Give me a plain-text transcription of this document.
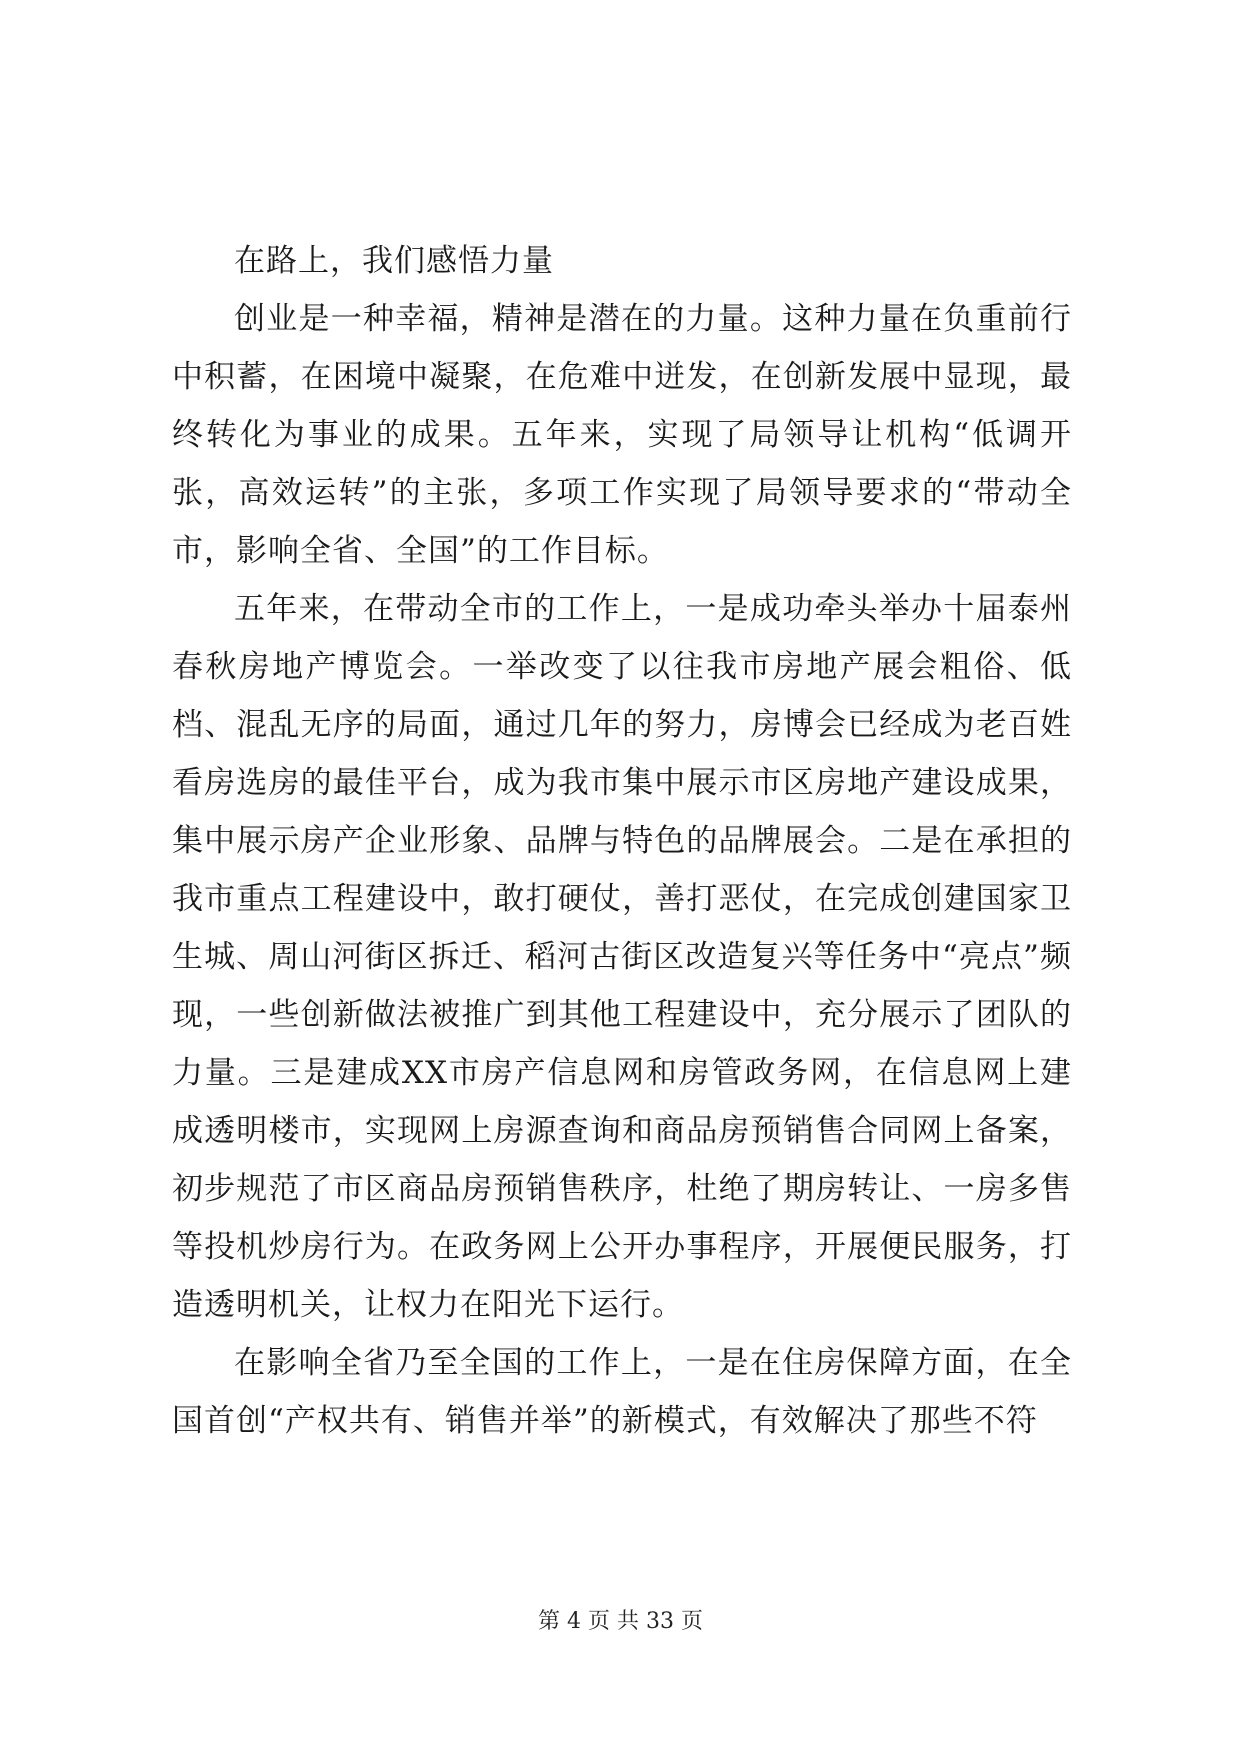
在路上，我们感悟力量

创业是一种幸福，精神是潜在的力量。这种力量在负重前行中积蓄，在困境中凝聚，在危难中迸发，在创新发展中显现，最终转化为事业的成果。五年来，实现了局领导让机构“低调开张，高效运转”的主张，多项工作实现了局领导要求的“带动全市，影响全省、全国”的工作目标。

五年来，在带动全市的工作上，一是成功牵头举办十届泰州春秋房地产博览会。一举改变了以往我市房地产展会粗俗、低档、混乱无序的局面，通过几年的努力，房博会已经成为老百姓看房选房的最佳平台，成为我市集中展示市区房地产建设成果，集中展示房产企业形象、品牌与特色的品牌展会。二是在承担的我市重点工程建设中，敢打硬仗，善打恶仗，在完成创建国家卫生城、周山河街区拆迁、稻河古街区改造复兴等任务中“亮点”频现，一些创新做法被推广到其他工程建设中，充分展示了团队的力量。三是建成XX市房产信息网和房管政务网，在信息网上建成透明楼市，实现网上房源查询和商品房预销售合同网上备案，初步规范了市区商品房预销售秩序，杜绝了期房转让、一房多售等投机炒房行为。在政务网上公开办事程序，开展便民服务，打造透明机关，让权力在阳光下运行。

在影响全省乃至全国的工作上，一是在住房保障方面，在全国首创“产权共有、销售并举”的新模式，有效解决了那些不符

第 4 页 共 33 页
